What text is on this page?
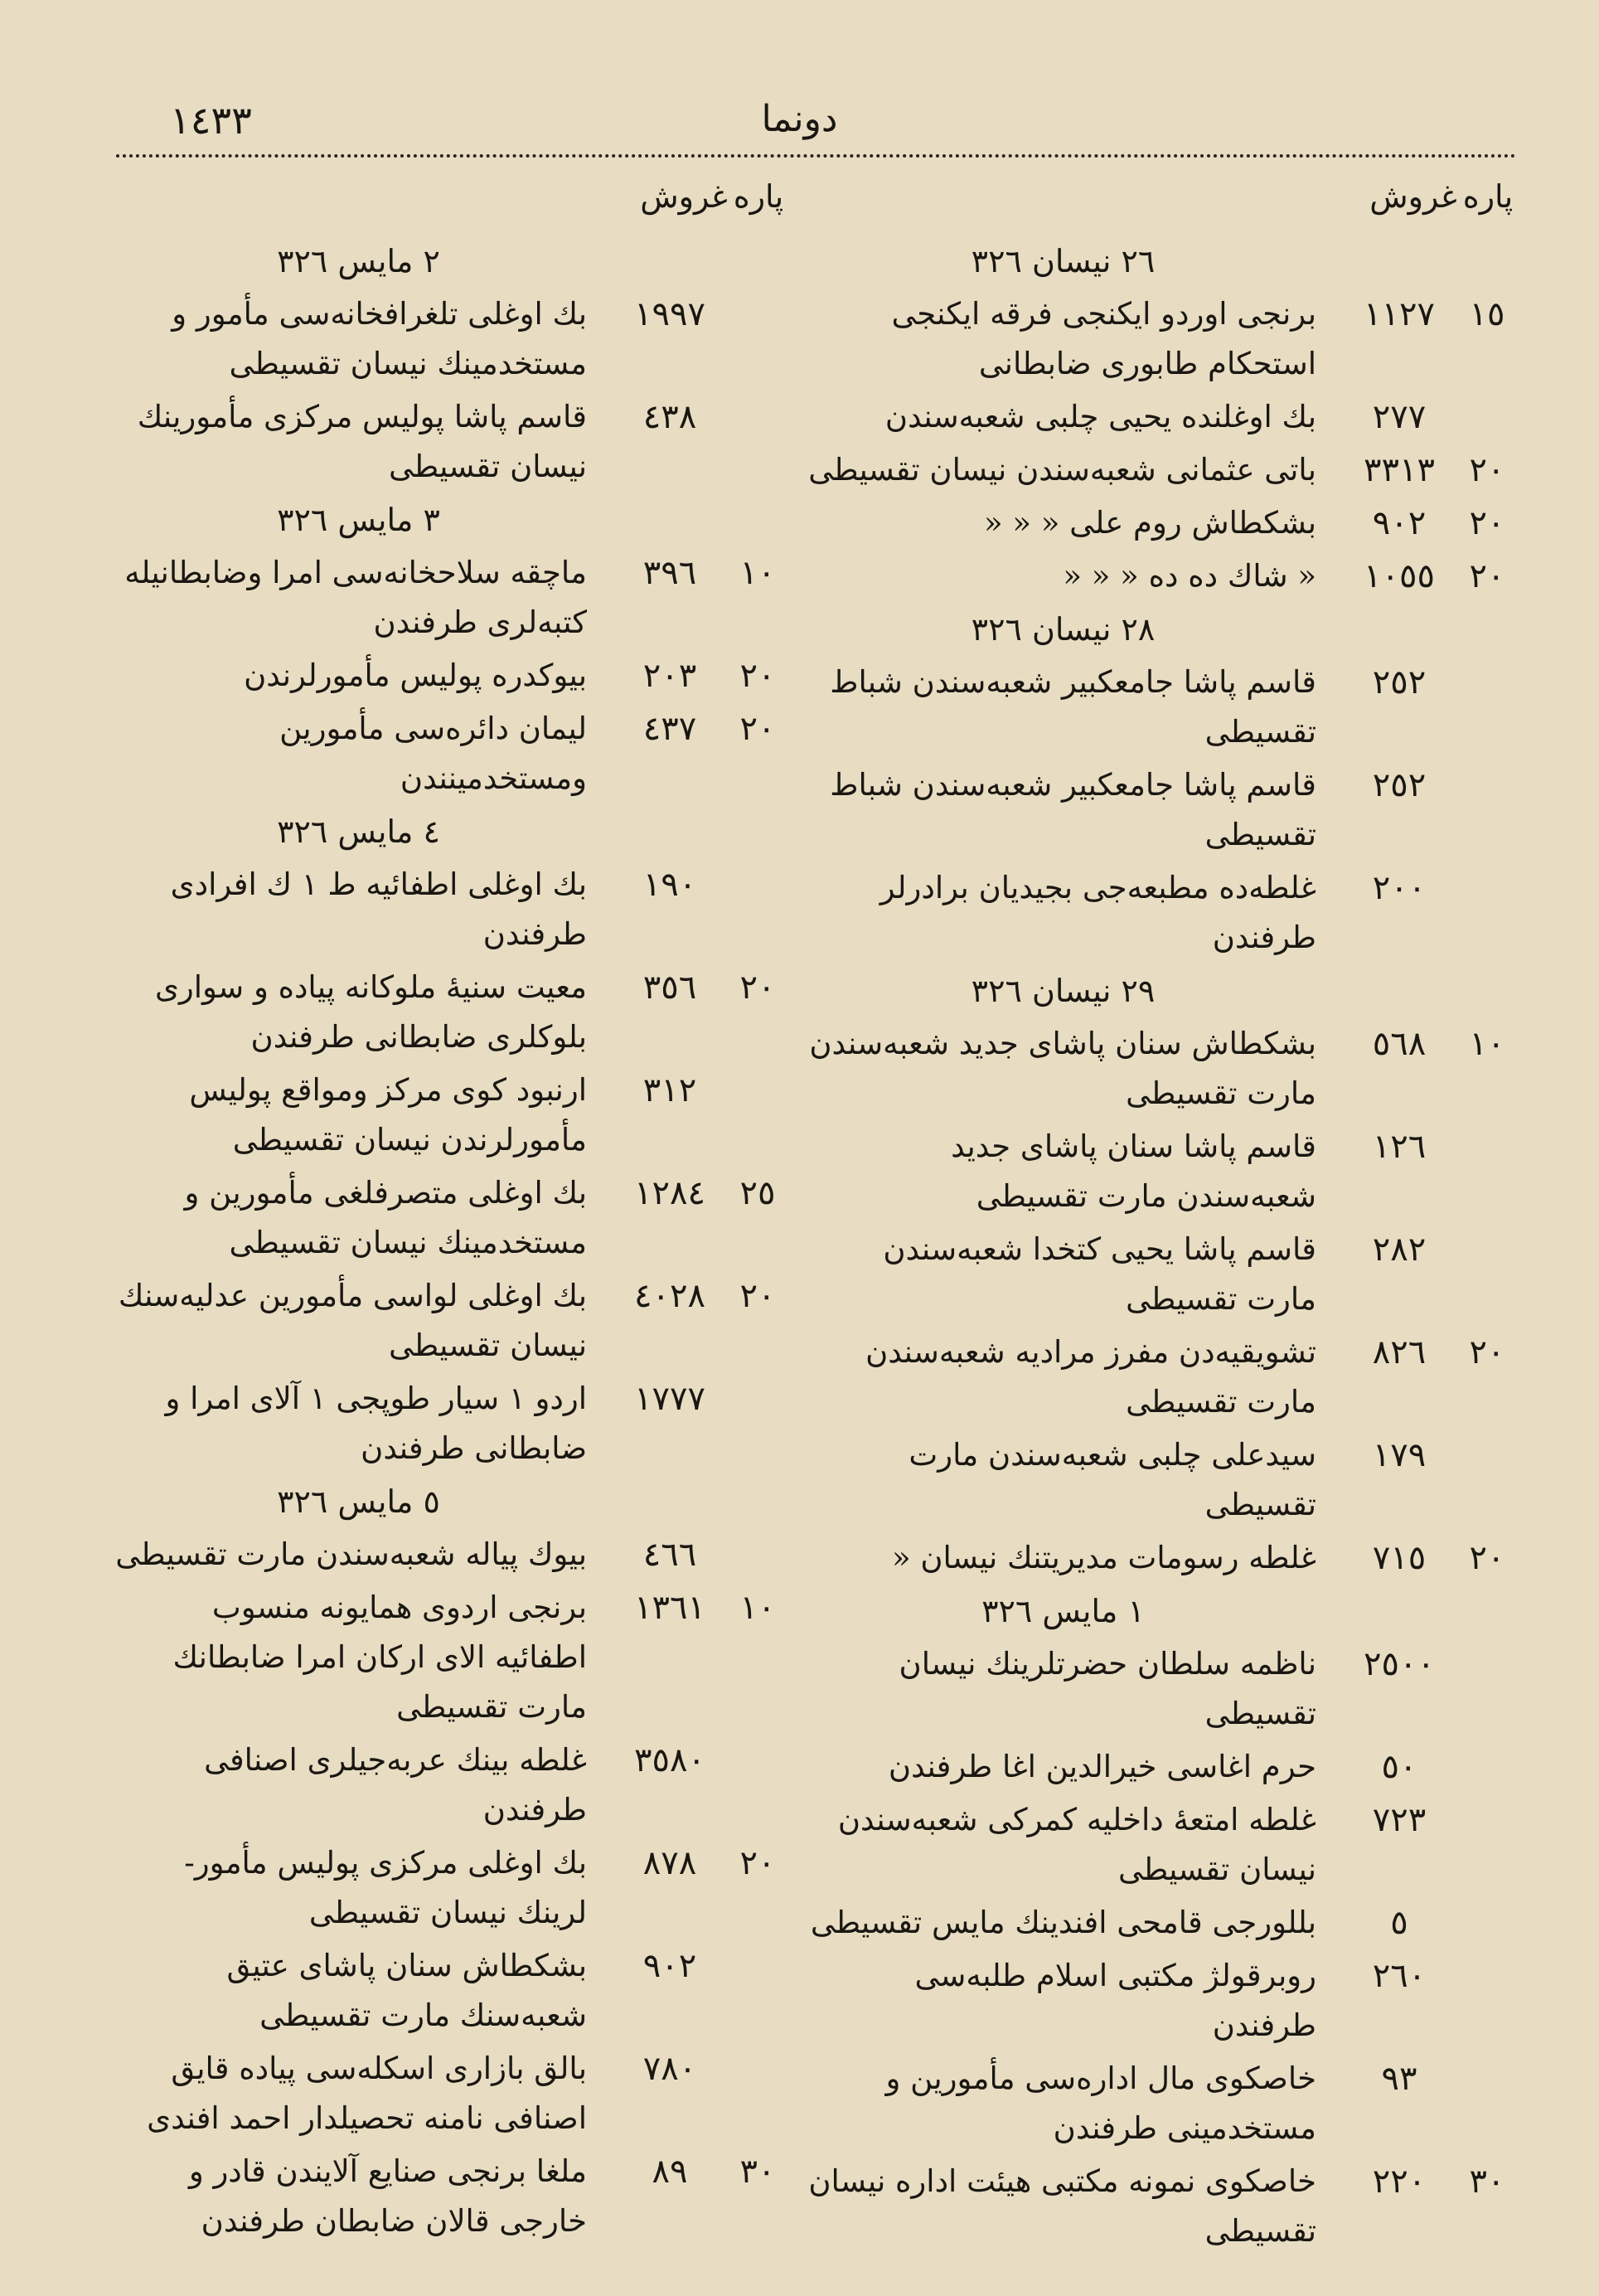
دونما
١٤٣٣
پاره
غروش
٢٦ نيسان ٣٢٦
١٥
١١٢٧
برنجى اوردو ايكنجى فرقه ايكنجى استحكام طابورى ضابطانى
٢٧٧
بك اوغلنده يحيى چلبى شعبه‌سندن
٢٠
٣٣١٣
باتى عثمانى شعبه‌سندن نيسان تقسيطى
٢٠
٩٠٢
بشكطاش روم على « « «
٢٠
١٠٥٥
« شاك ده ده « « «
٢٨ نيسان ٣٢٦
٢٥٢
قاسم پاشا جامعكبير شعبه‌سندن شباط تقسيطى
٢٥٢
قاسم پاشا جامعكبير شعبه‌سندن شباط تقسيطى
٢٠٠
غلطه‌ده مطبعه‌جى بجيديان برادرلر طرفندن
٢٩ نيسان ٣٢٦
١٠
٥٦٨
بشكطاش سنان پاشاى جديد شعبه‌سندن مارت تقسيطى
١٢٦
قاسم پاشا سنان پاشاى جديد شعبه‌سندن مارت تقسيطى
٢٨٢
قاسم پاشا يحيى كتخدا شعبه‌سندن مارت تقسيطى
٢٠
٨٢٦
تشويقيه‌دن مفرز مراديه شعبه‌سندن مارت تقسيطى
١٧٩
سيدعلى چلبى شعبه‌سندن مارت تقسيطى
٢٠
٧١٥
غلطه رسومات مديريتنك نيسان «
١ مايس ٣٢٦
٢٥٠٠
ناظمه سلطان حضرتلرينك نيسان تقسيطى
٥٠
حرم اغاسى خيرالدين اغا طرفندن
٧٢٣
غلطه امتعۀ داخليه كمركى شعبه‌سندن نيسان تقسيطى
٥
بللورجى قامحى افندينك مايس تقسيطى
٢٦٠
روبرقولژ مكتبى اسلام طلبه‌سى طرفندن
٩٣
خاصكوى مال اداره‌سى مأمورين و مستخدمينى طرفندن
٣٠
٢٢٠
خاصكوى نمونه مكتبى هيئت اداره‌ نيسان تقسيطى
پاره
غروش
٢ مايس ٣٢٦
١٩٩٧
بك اوغلى تلغرافخانه‌سى مأمور و مستخدمينك نيسان تقسيطى
٤٣٨
قاسم پاشا پوليس مركزى مأمورينك نيسان تقسيطى
٣ مايس ٣٢٦
١٠
٣٩٦
ماچقه سلاحخانه‌سى امرا وضابطانيله كتبه‌لرى طرفندن
٢٠
٢٠٣
بيوكدره پوليس مأمورلرندن
٢٠
٤٣٧
ليمان دائره‌سى مأمورين ومستخدمينندن
٤ مايس ٣٢٦
١٩٠
بك اوغلى اطفائيه ط ١ ك افرادى طرفندن
٢٠
٣٥٦
معيت سنيۀ ملوكانه پياده و سوارى بلوكلرى ضابطانى طرفندن
٣١٢
ارنبود كوى مركز ومواقع پوليس مأمورلرندن نيسان تقسيطى
٢٥
١٢٨٤
بك اوغلى متصرفلغى مأمورين و مستخدمينك نيسان تقسيطى
٢٠
٤٠٢٨
بك اوغلى لواسى مأمورين عدليه‌سنك نيسان تقسيطى
١٧٧٧
اردو ١ سيار طوپجى ١ آلاى امرا و ضابطانى طرفندن
٥ مايس ٣٢٦
٤٦٦
بيوك پياله شعبه‌سندن مارت تقسيطى
١٠
١٣٦١
برنجى اردوى همايونه منسوب اطفائيه الاى اركان امرا ضابطانك مارت تقسيطى
٣٥٨٠
غلطه بينك عربه‌جيلرى اصنافى طرفندن
٢٠
٨٧٨
بك اوغلى مركزى پوليس مأمور- لرينك نيسان تقسيطى
٩٠٢
بشكطاش سنان پاشاى عتيق شعبه‌سنك مارت تقسيطى
٧٨٠
بالق بازارى اسكله‌سى پياده قايق اصنافى نامنه تحصيلدار احمد افندى
٣٠
٨٩
ملغا برنجى صنايع آلايندن قادر و خارجى قالان ضابطان طرفندن
